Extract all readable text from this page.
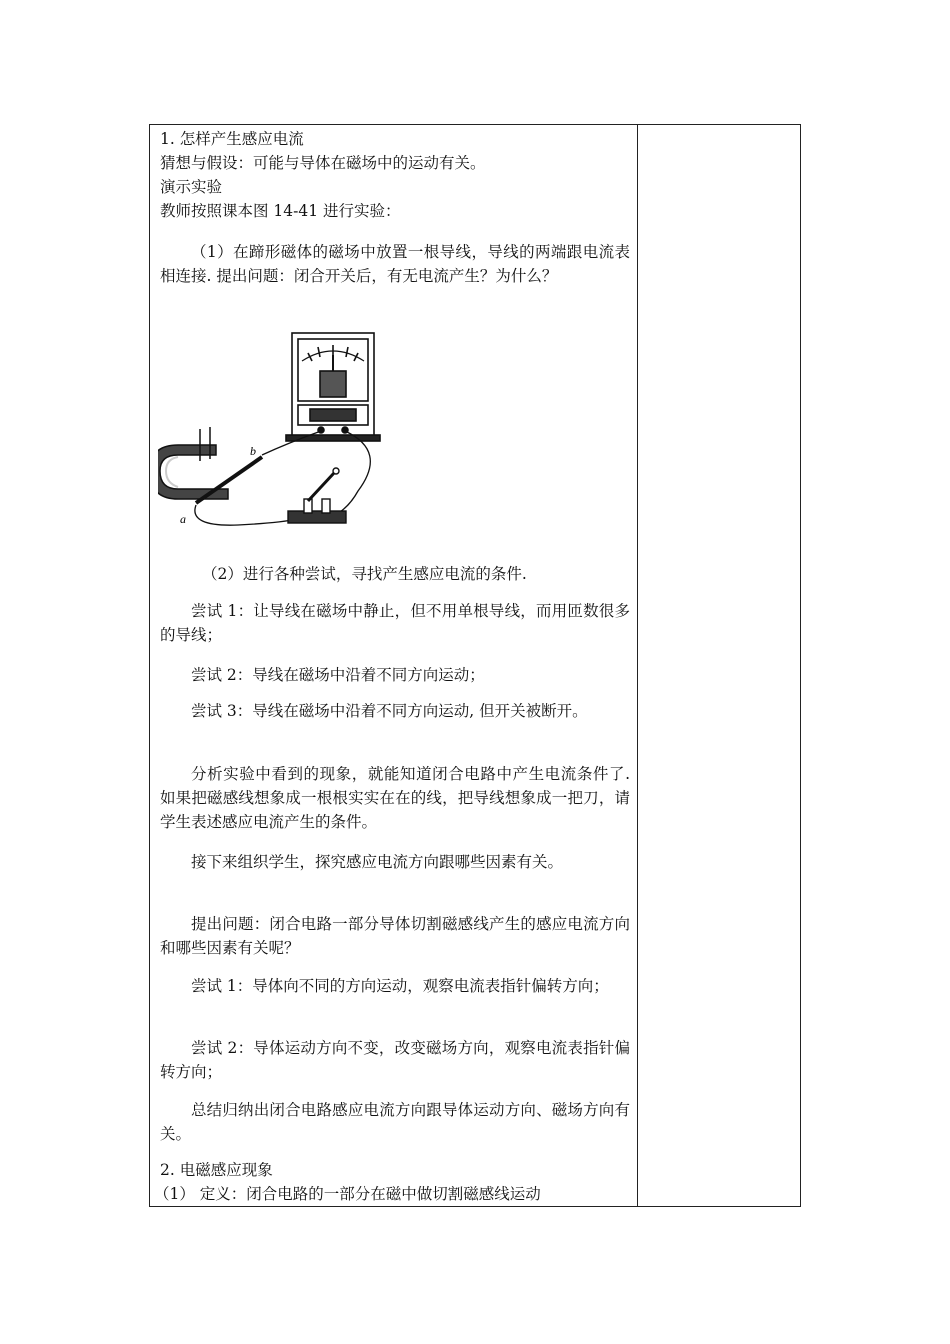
1. 怎样产生感应电流
猜想与假设：可能与导体在磁场中的运动有关。
演示实验
教师按照课本图 14-41 进行实验：
（1）在蹄形磁体的磁场中放置一根导线，导线的两端跟电流表相连接. 提出问题：闭合开关后，有无电流产生？为什么？
b
a
（2）进行各种尝试，寻找产生感应电流的条件.
尝试 1：让导线在磁场中静止，但不用单根导线，而用匝数很多的导线；
尝试 2：导线在磁场中沿着不同方向运动；
尝试 3：导线在磁场中沿着不同方向运动, 但开关被断开。
分析实验中看到的现象，就能知道闭合电路中产生电流条件了. 如果把磁感线想象成一根根实实在在的线，把导线想象成一把刀，请学生表述感应电流产生的条件。
接下来组织学生，探究感应电流方向跟哪些因素有关。
提出问题：闭合电路一部分导体切割磁感线产生的感应电流方向和哪些因素有关呢？
尝试 1：导体向不同的方向运动，观察电流表指针偏转方向；
尝试 2：导体运动方向不变，改变磁场方向，观察电流表指针偏转方向；
总结归纳出闭合电路感应电流方向跟导体运动方向、磁场方向有关。
2. 电磁感应现象
（1） 定义：闭合电路的一部分在磁中做切割磁感线运动
